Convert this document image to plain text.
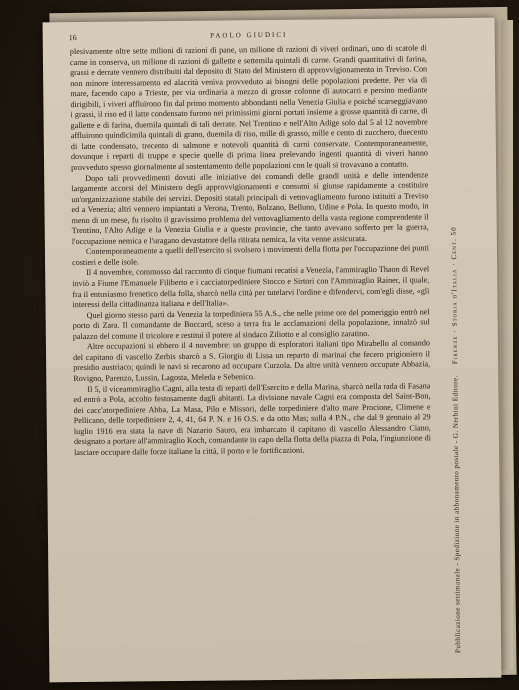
16	PAOLO GIUDICI

plesivamente oltre sette milioni di razioni di pane, un milione di razioni di viveri ordinari, uno di scatole di carne in conserva, un milione di razioni di gallette e settemila quintali di carne. Grandi quantitativi di farina, grassi e derrate vennero distribuiti dal deposito di Stato del Ministero di approvvigionamento in Treviso. Con non minore interessamento ed alacrità veniva provveduto ai bisogni delle popolazioni predette. Per via di mare, facendo capo a Trieste, per via ordinaria a mezzo di grosse colonne di autocarri e persino mediante dirigibili, i viveri affluirono fin dal primo momento abbondanti nella Venezia Giulia e poiché scarseggiavano i grassi, il riso ed il latte condensato furono nei primissimi giorni portati insieme a grosse quantità di carne, di gallette e di farina, duemila quintali di tali derrate. Nel Trentino e nell'Alto Adige solo dal 5 al 12 novembre affluirono quindicimila quintali di grano, duemila di riso, mille di grasso, mille e cento di zucchero, duecento di latte condensato, trecento di salmone e notevoli quantità di carni conservate. Contemporaneamente, dovunque i reparti di truppe e specie quelle di prima linea prelevando ingenti quantità di viveri hanno provveduto spesso giornalmente al sostentamento delle popolazioni con le quali si trovavano a contatto.

Dopo tali provvedimenti dovuti alle iniziative dei comandi delle grandi unità e delle intendenze largamente accorsi del Ministero degli approvvigionamenti e consumi si giunse rapidamente a costituire un'organizzazione stabile dei servizi. Depositi statali principali di vettovagliamento furono istituiti a Treviso ed a Venezia; altri vennero impiantati a Verona, Trento, Bolzano, Belluno, Udine e Pola. In questo modo, in meno di un mese, fu risolto il gravissimo problema del vettovagliamento della vasta regione comprendente il Trentino, l'Alto Adige e la Venezia Giulia e a queste provincie, che tanto avevano sofferto per la guerra, l'occupazione nemica e l'uragano devastatore della ritirata nemica, la vita venne assicurata.

Contemporaneamente a quelli dell'esercito si svolsero i movimenti della flotta per l'occupazione dei punti costieri e delle isole.

Il 4 novembre, commosso dal racconto di cinque fiumani recatisi a Venezia, l'ammiraglio Thaon di Revel inviò a Fiume l'Emanuele Filiberto e i cacciatorpediniere Stocco e Sirtori con l'Ammiraglio Rainer, il quale, fra il entusiasmo frenetico della folla, sbarcò nella città per tutelarvi l'ordine e difendervi, com'egli disse, «gli interessi della cittadinanza italiana e dell'Italia».

Quel giorno stesso partì da Venezia la torpediniera 55 A.S., che nelle prime ore del pomeriggio entrò nel porto di Zara. Il comandante de Boccard, sceso a terra fra le acclamazioni della popolazione, innalzò sul palazzo del comune il tricolore e restituì il potere al sindaco Ziliotto e al consiglio zaratino.

Altre occupazioni si ebbero il 4 novembre: un gruppo di esploratori italiani tipo Mirabello al comando del capitano di vascello Zerbis sbarcò a S. Giorgio di Lissa un reparto di marinai che fecero prigioniero il presidio austriaco; quindi le navi si recarono ad occupare Curzola. Da altre unità vennero occupate Abbazia, Rovigno, Parenzo, Lussin, Lagosta, Meleda e Sebenico.

Il 5, il viceammiraglio Cagni, alla testa di reparti dell'Esercito e della Marina, sbarcò nella rada di Fasana ed entrò a Pola, accolto festosamente dagli abitanti. La divisione navale Cagni era composta del Saint-Bon, dei cacc'atorpediniere Abba, La Masa, Pilo e Missori, delle torpediniere d'alto mare Procione, Climene e Pellicano, delle torpediniere 2, 4, 41, 64 P. N. e 16 O.S. e da otto Mas; sulla 4 P.N., che dal 9 gennaio al 29 luglio 1916 era stata la nave di Nazario Sauro, era imbarcato il capitano di vascello Alessandro Ciano, designato a portare all'ammiraglio Koch, comandante in capo della flotta della piazza di Pola, l'ingiunzione di lasciare occupare dalle forze italiane la città, il porto e le fortificazioni.	Pubblicazione settimanale - Spedizione in abbonamento postale - G. Nerbini Editore.     Firenze · Storia d'Italia · Cent. 50
